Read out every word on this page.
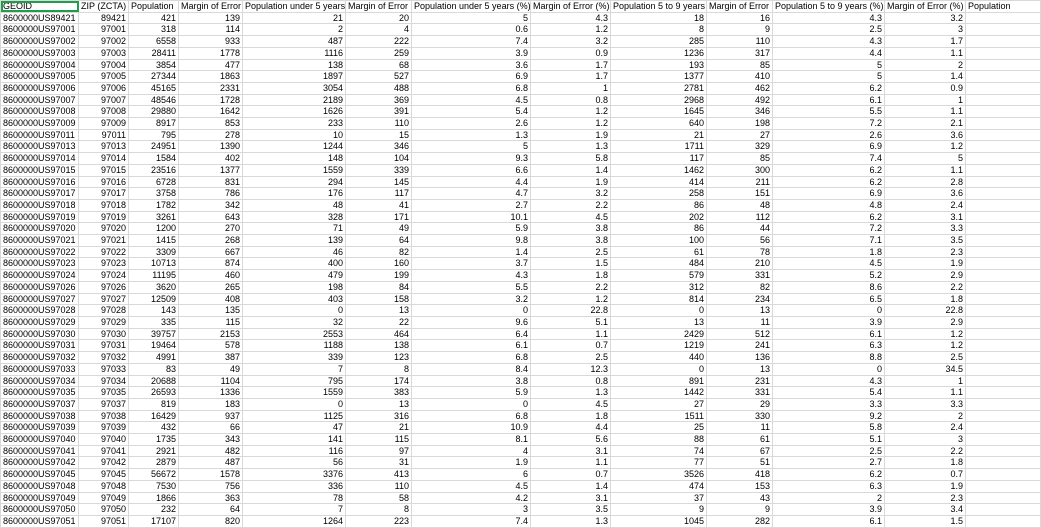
GEOID	ZIP (ZCTA)	Population	Margin of Error	Population under 5 years	Margin of Error	Population under 5 years (%)	Margin of Error (%)	Population 5 to 9 years	Margin of Error	Population 5 to 9 years (%)	Margin of Error (%)	Population
8600000US89421	89421	421	139	21	20	5	4.3	18	16	4.3	3.2	
8600000US97001	97001	318	114	2	4	0.6	1.2	8	9	2.5	3	
8600000US97002	97002	6558	933	487	222	7.4	3.2	285	110	4.3	1.7	
8600000US97003	97003	28411	1778	1116	259	3.9	0.9	1236	317	4.4	1.1	
8600000US97004	97004	3854	477	138	68	3.6	1.7	193	85	5	2	
8600000US97005	97005	27344	1863	1897	527	6.9	1.7	1377	410	5	1.4	
8600000US97006	97006	45165	2331	3054	488	6.8	1	2781	462	6.2	0.9	
8600000US97007	97007	48546	1728	2189	369	4.5	0.8	2968	492	6.1	1	
8600000US97008	97008	29880	1642	1626	391	5.4	1.2	1645	346	5.5	1.1	
8600000US97009	97009	8917	853	233	110	2.6	1.2	640	198	7.2	2.1	
8600000US97011	97011	795	278	10	15	1.3	1.9	21	27	2.6	3.6	
8600000US97013	97013	24951	1390	1244	346	5	1.3	1711	329	6.9	1.2	
8600000US97014	97014	1584	402	148	104	9.3	5.8	117	85	7.4	5	
8600000US97015	97015	23516	1377	1559	339	6.6	1.4	1462	300	6.2	1.1	
8600000US97016	97016	6728	831	294	145	4.4	1.9	414	211	6.2	2.8	
8600000US97017	97017	3758	786	176	117	4.7	3.2	258	151	6.9	3.6	
8600000US97018	97018	1782	342	48	41	2.7	2.2	86	48	4.8	2.4	
8600000US97019	97019	3261	643	328	171	10.1	4.5	202	112	6.2	3.1	
8600000US97020	97020	1200	270	71	49	5.9	3.8	86	44	7.2	3.3	
8600000US97021	97021	1415	268	139	64	9.8	3.8	100	56	7.1	3.5	
8600000US97022	97022	3309	667	46	82	1.4	2.5	61	78	1.8	2.3	
8600000US97023	97023	10713	874	400	160	3.7	1.5	484	210	4.5	1.9	
8600000US97024	97024	11195	460	479	199	4.3	1.8	579	331	5.2	2.9	
8600000US97026	97026	3620	265	198	84	5.5	2.2	312	82	8.6	2.2	
8600000US97027	97027	12509	408	403	158	3.2	1.2	814	234	6.5	1.8	
8600000US97028	97028	143	135	0	13	0	22.8	0	13	0	22.8	
8600000US97029	97029	335	115	32	22	9.6	5.1	13	11	3.9	2.9	
8600000US97030	97030	39757	2153	2553	464	6.4	1.1	2429	512	6.1	1.2	
8600000US97031	97031	19464	578	1188	138	6.1	0.7	1219	241	6.3	1.2	
8600000US97032	97032	4991	387	339	123	6.8	2.5	440	136	8.8	2.5	
8600000US97033	97033	83	49	7	8	8.4	12.3	0	13	0	34.5	
8600000US97034	97034	20688	1104	795	174	3.8	0.8	891	231	4.3	1	
8600000US97035	97035	26593	1336	1559	383	5.9	1.3	1442	331	5.4	1.1	
8600000US97037	97037	819	183	0	13	0	4.5	27	29	3.3	3.3	
8600000US97038	97038	16429	937	1125	316	6.8	1.8	1511	330	9.2	2	
8600000US97039	97039	432	66	47	21	10.9	4.4	25	11	5.8	2.4	
8600000US97040	97040	1735	343	141	115	8.1	5.6	88	61	5.1	3	
8600000US97041	97041	2921	482	116	97	4	3.1	74	67	2.5	2.2	
8600000US97042	97042	2879	487	56	31	1.9	1.1	77	51	2.7	1.8	
8600000US97045	97045	56672	1578	3376	413	6	0.7	3526	418	6.2	0.7	
8600000US97048	97048	7530	756	336	110	4.5	1.4	474	153	6.3	1.9	
8600000US97049	97049	1866	363	78	58	4.2	3.1	37	43	2	2.3	
8600000US97050	97050	232	64	7	8	3	3.5	9	9	3.9	3.4	
8600000US97051	97051	17107	820	1264	223	7.4	1.3	1045	282	6.1	1.5	
